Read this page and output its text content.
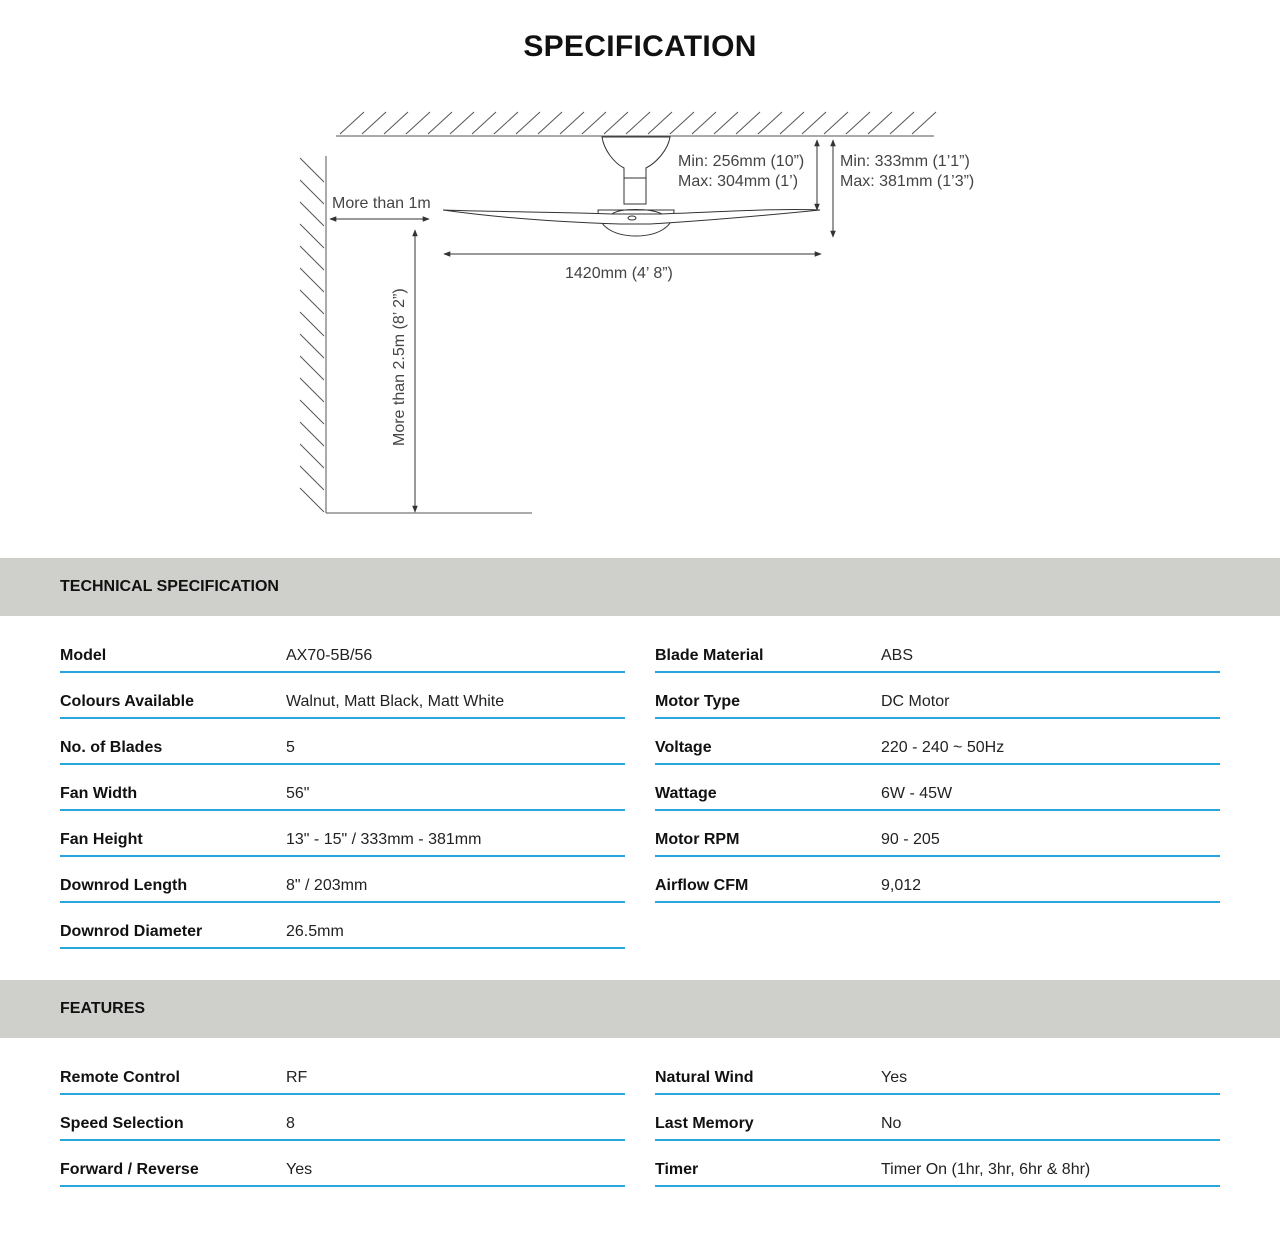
SPECIFICATION
Min: 256mm (10”)
Max: 304mm (1’)
Min: 333mm (1’1”)
Max: 381mm (1’3”)
More than 1m
1420mm (4’ 8”)
More than 2.5m (8’ 2”)
TECHNICAL SPECIFICATION
Model	AX70-5B/56
Colours Available	Walnut, Matt Black, Matt White
No. of Blades	5
Fan Width	56"
Fan Height	13" - 15" / 333mm - 381mm
Downrod Length	8" / 203mm
Downrod Diameter	26.5mm
Blade Material	ABS
Motor Type	DC Motor
Voltage	220 - 240 ~ 50Hz
Wattage	6W - 45W
Motor RPM	90 - 205
Airflow CFM	9,012
FEATURES
Remote Control	RF
Speed Selection	8
Forward / Reverse	Yes
Natural Wind	Yes
Last Memory	No
Timer	Timer On (1hr, 3hr, 6hr & 8hr)
